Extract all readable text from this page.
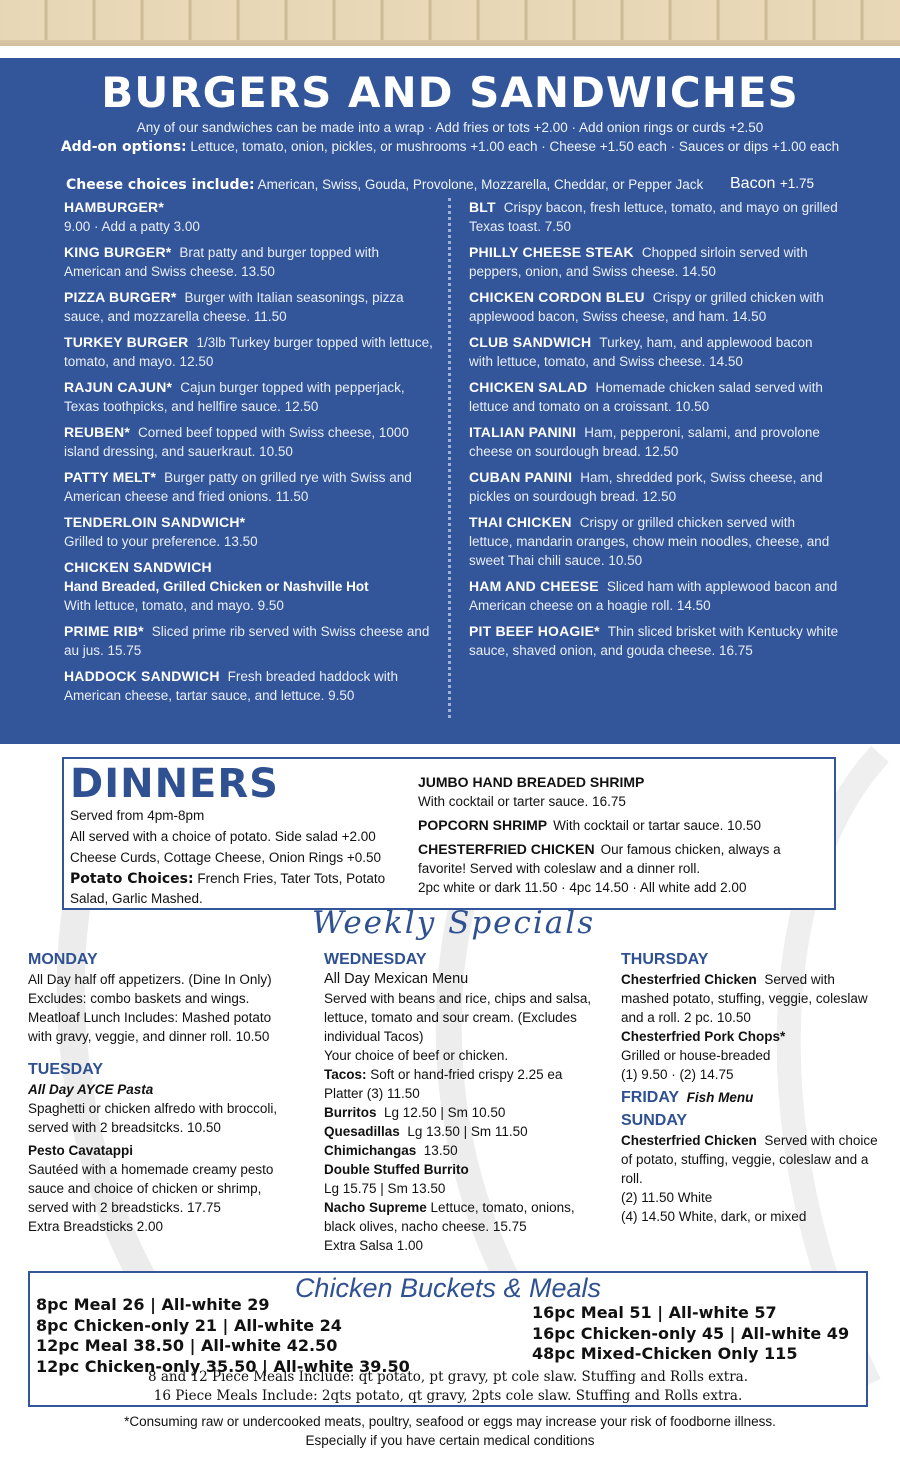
BURGERS AND SANDWICHES
Any of our sandwiches can be made into a wrap · Add fries or tots +2.00 · Add onion rings or curds +2.50
Add-on options: Lettuce, tomato, onion, pickles, or mushrooms +1.00 each · Cheese +1.50 each · Sauces or dips +1.00 each
Cheese choices include: American, Swiss, Gouda, Provolone, Mozzarella, Cheddar, or Pepper Jack Bacon +1.75
HAMBURGER*
9.00 · Add a patty 3.00
KING BURGER* Brat patty and burger topped with American and Swiss cheese. 13.50
PIZZA BURGER* Burger with Italian seasonings, pizza sauce, and mozzarella cheese. 11.50
TURKEY BURGER 1/3lb Turkey burger topped with lettuce, tomato, and mayo. 12.50
RAJUN CAJUN* Cajun burger topped with pepperjack, Texas toothpicks, and hellfire sauce. 12.50
REUBEN* Corned beef topped with Swiss cheese, 1000 island dressing, and sauerkraut. 10.50
PATTY MELT* Burger patty on grilled rye with Swiss and American cheese and fried onions. 11.50
TENDERLOIN SANDWICH*
Grilled to your preference. 13.50
CHICKEN SANDWICH
Hand Breaded, Grilled Chicken or Nashville Hot
With lettuce, tomato, and mayo. 9.50
PRIME RIB* Sliced prime rib served with Swiss cheese and au jus. 15.75
HADDOCK SANDWICH Fresh breaded haddock with American cheese, tartar sauce, and lettuce. 9.50
BLT Crispy bacon, fresh lettuce, tomato, and mayo on grilled Texas toast. 7.50
PHILLY CHEESE STEAK Chopped sirloin served with peppers, onion, and Swiss cheese. 14.50
CHICKEN CORDON BLEU Crispy or grilled chicken with applewood bacon, Swiss cheese, and ham. 14.50
CLUB SANDWICH Turkey, ham, and applewood bacon with lettuce, tomato, and Swiss cheese. 14.50
CHICKEN SALAD Homemade chicken salad served with lettuce and tomato on a croissant. 10.50
ITALIAN PANINI Ham, pepperoni, salami, and provolone cheese on sourdough bread. 12.50
CUBAN PANINI Ham, shredded pork, Swiss cheese, and pickles on sourdough bread. 12.50
THAI CHICKEN Crispy or grilled chicken served with lettuce, mandarin oranges, chow mein noodles, cheese, and sweet Thai chili sauce. 10.50
HAM AND CHEESE Sliced ham with applewood bacon and American cheese on a hoagie roll. 14.50
PIT BEEF HOAGIE* Thin sliced brisket with Kentucky white sauce, shaved onion, and gouda cheese. 16.75
DINNERS

Served from 4pm-8pm

All served with a choice of potato. Side salad +2.00

Cheese Curds, Cottage Cheese, Onion Rings +0.50

Potato Choices: French Fries, Tater Tots, Potato Salad, Garlic Mashed.

JUMBO HAND BREADED SHRIMP
With cocktail or tarter sauce. 16.75
POPCORN SHRIMP With cocktail or tartar sauce. 10.50
CHESTERFRIED CHICKEN Our famous chicken, always a favorite! Served with coleslaw and a dinner roll.
2pc white or dark 11.50 · 4pc 14.50 · All white add 2.00
Weekly Specials
MONDAY
All Day half off appetizers. (Dine In Only)
Excludes: combo baskets and wings.
Meatloaf Lunch Includes: Mashed potato with gravy, veggie, and dinner roll. 10.50
TUESDAY
All Day AYCE Pasta
Spaghetti or chicken alfredo with broccoli, served with 2 breadsitcks. 10.50
Pesto Cavatappi
Sautéed with a homemade creamy pesto sauce and choice of chicken or shrimp, served with 2 breadsticks. 17.75
Extra Breadsticks 2.00
WEDNESDAY
All Day Mexican Menu
Served with beans and rice, chips and salsa, lettuce, tomato and sour cream. (Excludes individual Tacos)
Your choice of beef or chicken.
Tacos: Soft or hand-fried crispy 2.25 ea Platter (3) 11.50
Burritos Lg 12.50 | Sm 10.50
Quesadillas Lg 13.50 | Sm 11.50
Chimichangas 13.50
Double Stuffed Burrito
Lg 15.75 | Sm 13.50
Nacho Supreme Lettuce, tomato, onions, black olives, nacho cheese. 15.75
Extra Salsa 1.00
THURSDAY
Chesterfried Chicken Served with mashed potato, stuffing, veggie, coleslaw and a roll. 2 pc. 10.50
Chesterfried Pork Chops*
Grilled or house-breaded
(1) 9.50 · (2) 14.75
FRIDAY Fish Menu
SUNDAY
Chesterfried Chicken Served with choice of potato, stuffing, veggie, coleslaw and a roll.
(2) 11.50 White
(4) 14.50 White, dark, or mixed
Chicken Buckets & Meals
8pc Meal 26 | All-white 29
8pc Chicken-only 21 | All-white 24
12pc Meal 38.50 | All-white 42.50
12pc Chicken-only 35.50 | All-white 39.50
16pc Meal 51 | All-white 57
16pc Chicken-only 45 | All-white 49
48pc Mixed-Chicken Only 115
8 and 12 Piece Meals Include: qt potato, pt gravy, pt cole slaw. Stuffing and Rolls extra.
16 Piece Meals Include: 2qts potato, qt gravy, 2pts cole slaw. Stuffing and Rolls extra.
*Consuming raw or undercooked meats, poultry, seafood or eggs may increase your risk of foodborne illness.
Especially if you have certain medical conditions
